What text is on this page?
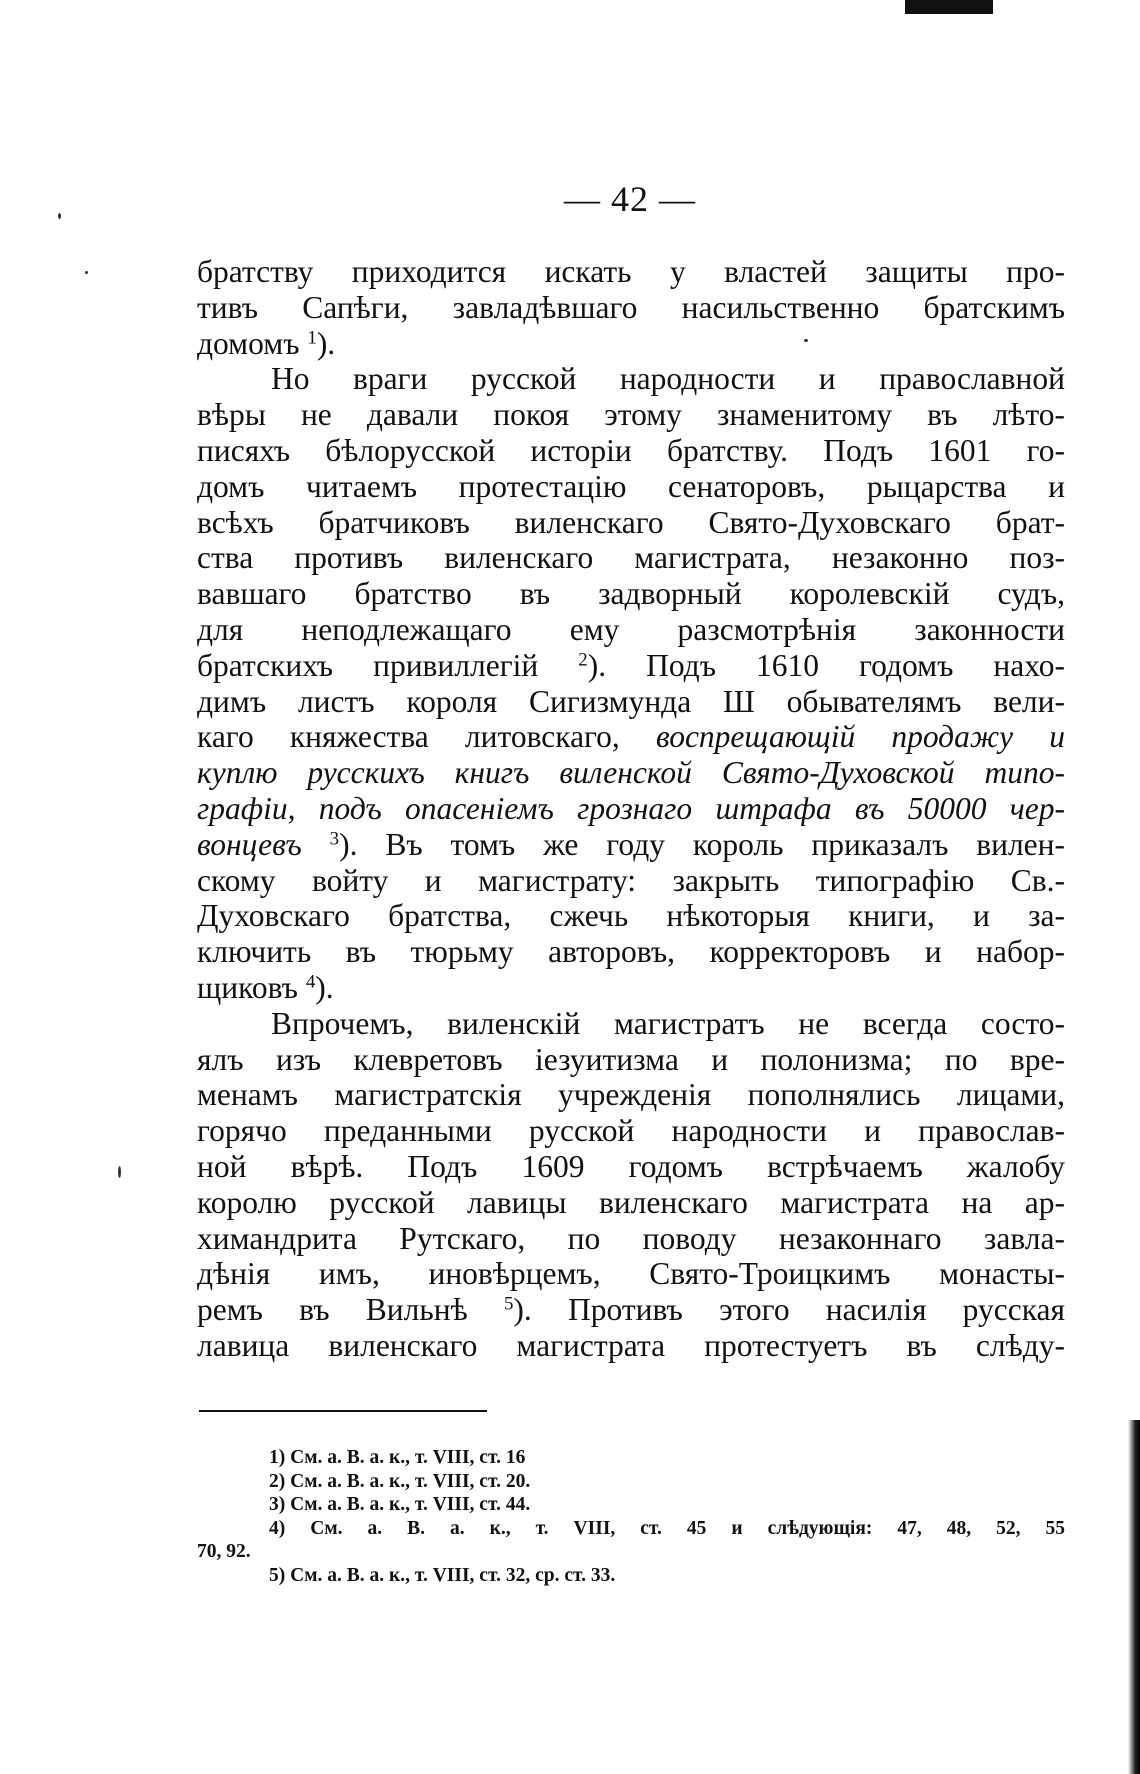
— 42 —

братству приходится искать у властей защиты про-
тивъ Сапѣги, завладѣвшаго насильственно братскимъ
домомъ $^1$).

Но враги русской народности и православной
вѣры не давали покоя этому знаменитому въ лѣто-
писяхъ бѣлорусской исторіи братству. Подъ 1601 го-
домъ читаемъ протестацію сенаторовъ, рыцарства и
всѣхъ братчиковъ виленскаго Свято-Духовскаго брат-
ства противъ виленскаго магистрата, незаконно поз-
вавшаго братство въ задворный королевскій судъ,
для неподлежащаго ему разсмотрѣнія законности
братскихъ привиллегій $^2$). Подъ 1610 годомъ нахо-
димъ листъ короля Сигизмунда Ш обывателямъ вели-
каго княжества литовскаго, воспрещающій продажу и
куплю русскихъ книгъ виленской Свято-Духовской типо-
графіи, подъ опасеніемъ грознаго штрафа въ 50000 чер-
вонцевъ $^3$). Въ томъ же году король приказалъ вилен-
скому войту и магистрату: закрыть типографію Св.-
Духовскаго братства, сжечь нѣкоторыя книги, и за-
ключить въ тюрьму авторовъ, корректоровъ и набор-
щиковъ $^4$).

Впрочемъ, виленскій магистратъ не всегда состо-
ялъ изъ клевретовъ іезуитизма и полонизма; по вре-
менамъ магистратскія учрежденія пополнялись лицами,
горячо преданными русской народности и православ-
ной вѣрѣ. Подъ 1609 годомъ встрѣчаемъ жалобу
королю русской лавицы виленскаго магистрата на ар-
химандрита Рутскаго, по поводу незаконнаго завла-
дѣнія имъ, иновѣрцемъ, Свято-Троицкимъ монасты-
ремъ въ Вильнѣ $^5$). Противъ этого насилія русская
лавица виленскаго магистрата протестуетъ въ слѣду-

1) См. а. В. а. к., т. VIII, ст. 16
2) См. а. В. а. к., т. VIII, ст. 20.
3) См. а. В. а. к., т. VIII, ст. 44.
4) См. а. В. а. к., т. VIII, ст. 45 и слѣдующія: 47, 48, 52, 55
70, 92.
5) См. а. В. а. к., т. VIII, ст. 32, ср. ст. 33.
